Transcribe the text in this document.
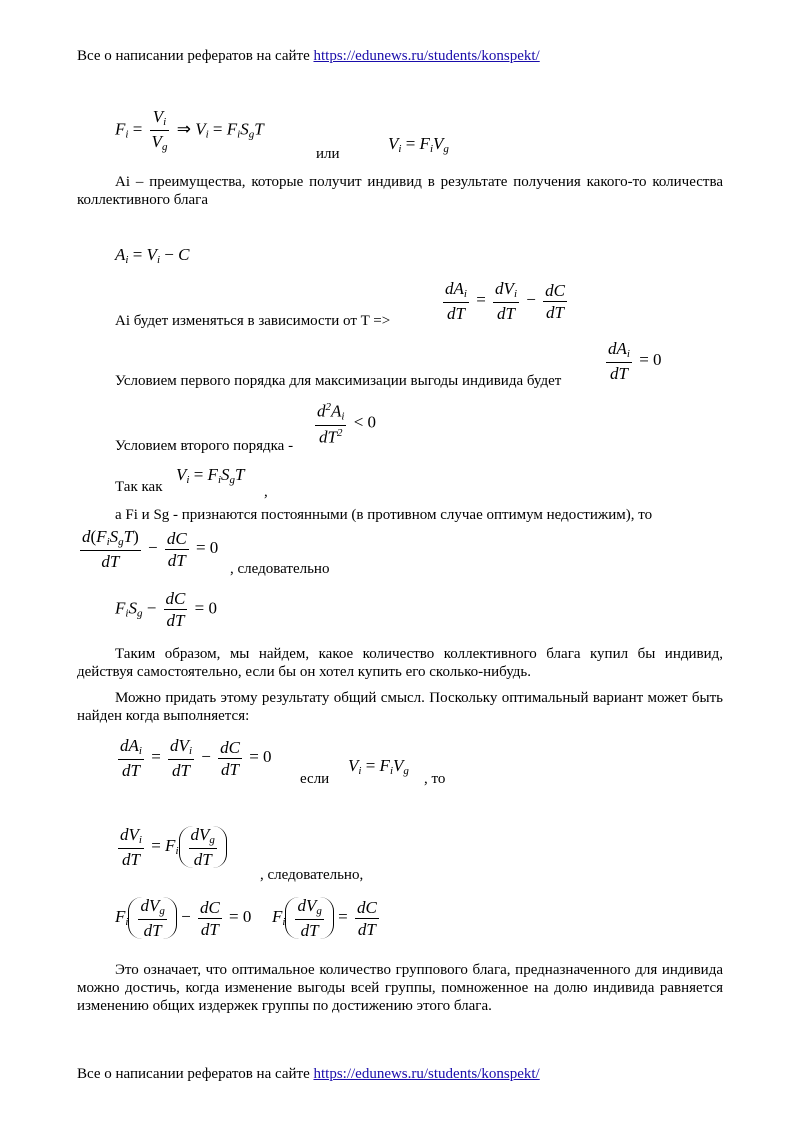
Все о написании рефератов на сайте https://edunews.ru/students/konspekt/
$F_i = \frac{V_i}{V_g}$ ⇒ $V_i = F_iS_gT$
или
$V_i = F_iV_g$
Ai – преимущества, которые получит индивид в результате получения какого-то количества коллективного блага
$A_i = V_i - C$
Ai будет изменяться в зависимости от T =>
$dA_i$
dT
=
$dV_i$
dT
− $\frac{dC}{dT}$
Условием первого порядка для максимизации выгоды индивида будет
$dA_i$
dT
= 0
Условием второго порядка -
$\frac{d^2A_i}{dT^2} < 0$
Так как
$V_i = F_iS_gT$
,
a Fi и Sg - признаются постоянными (в противном случае оптимум недостижим), то
$d(F_iS_gT)$
dT
− $\frac{dC}{dT} = 0$
, следовательно
$F_iS_g - \frac{dC}{dT} = 0$
Таким образом, мы найдем, какое количество коллективного блага купил бы индивид, действуя самостоятельно, если бы он хотел купить его сколько-нибудь.
Можно придать этому результату общий смысл. Поскольку оптимальный вариант может быть найден когда выполняется:
$dA_i$
dT
=
$dV_i$
dT
− $\frac{dC}{dT} = 0$
если
$V_i = F_iV_g$ , то
$dV_i$
dT
= $F_i$
$dV_g$
dT
, следовательно,
$F_i$
$dV_g$
dT
− $\frac{dC}{dT} = 0$ $F_i$
$dV_g$
dT
= $\frac{dC}{dT}$
Это означает, что оптимальное количество группового блага, предназначенного для индивида можно достичь, когда изменение выгоды всей группы, помноженное на долю индивида равняется изменению общих издержек группы по достижению этого блага.
Все о написании рефератов на сайте https://edunews.ru/students/konspekt/
